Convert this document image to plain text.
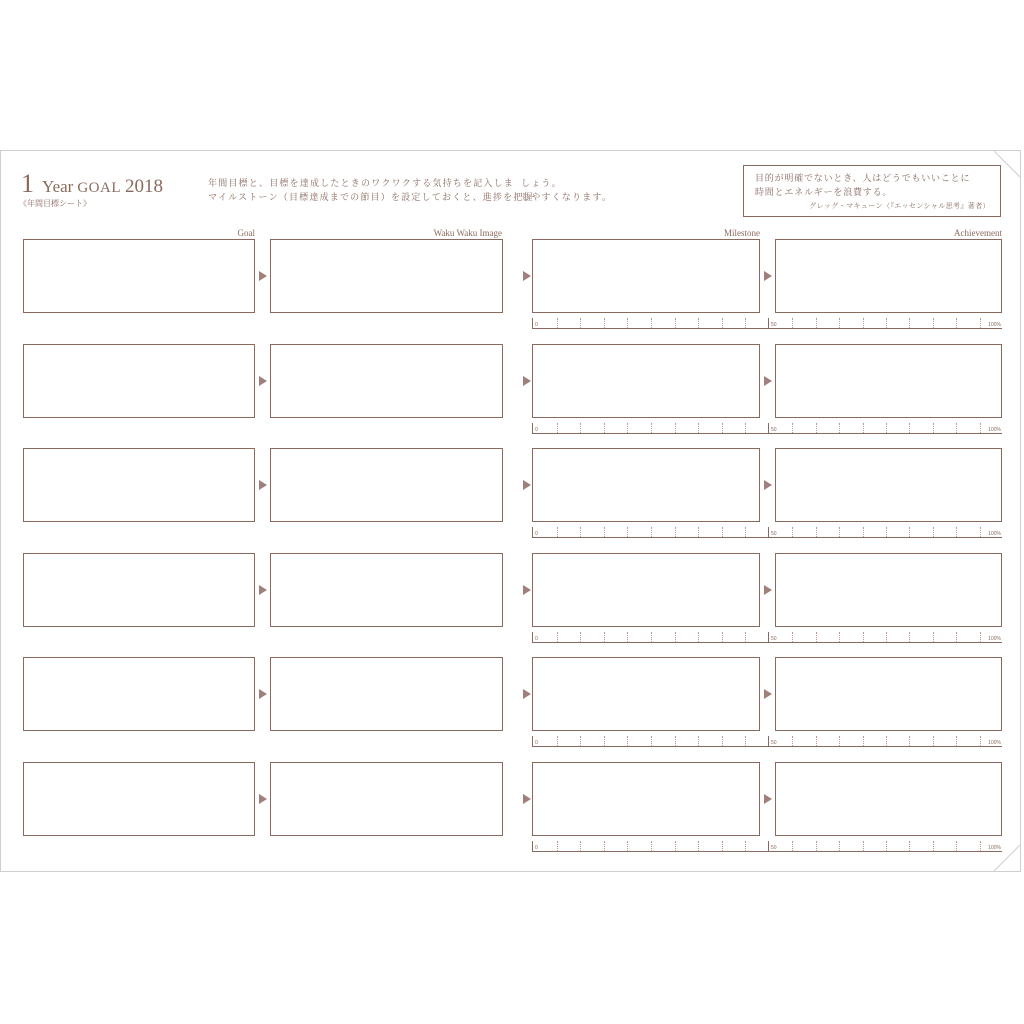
1 Year GOAL 2018
《年間目標シート》
年間目標と、目標を達成したときのワクワクする気持ちを記入しま
マイルストーン（目標達成までの節目）を設定しておくと、進捗を把握
しょう。
しやすくなります。
目的が明確でないとき、人はどうでもいいことに
時間とエネルギーを浪費する。
グレッグ・マキューン（『エッセンシャル思考』著者）
Goal	Waku Waku Image	Milestone	Achievement
0	50	100%
0	50	100%
0	50	100%
0	50	100%
0	50	100%
0	50	100%
